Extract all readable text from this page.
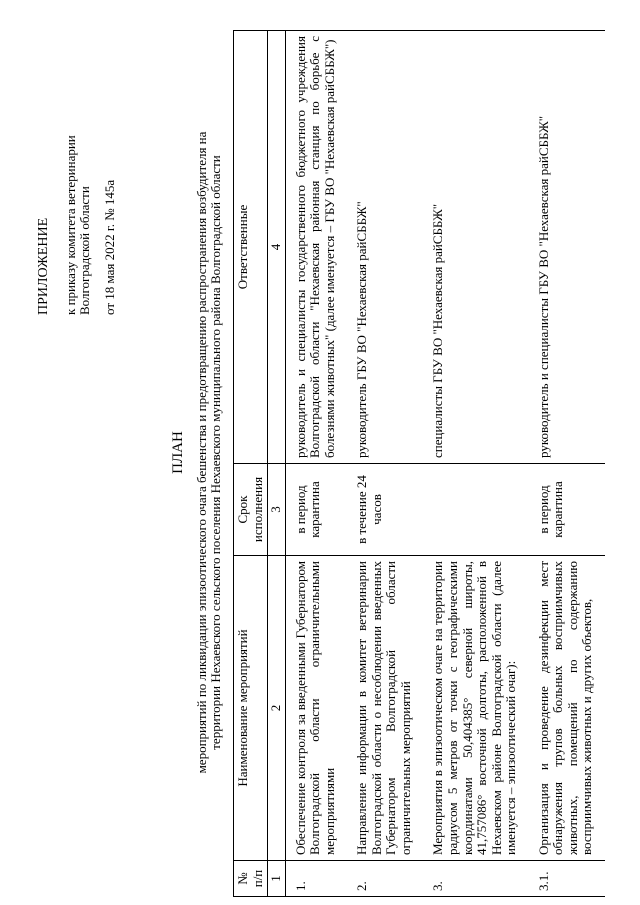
ПРИЛОЖЕНИЕ к приказу комитета ветеринарии Волгоградской области от 18 мая 2022 г. № 145а
ПЛАН мероприятий по ликвидации эпизоотического очага бешенства и предотвращению распространения возбудителя на территории Нехаевского сельского поселения Нехаевского муниципального района Волгоградской области
№ п/п	Наименование мероприятий	Срок исполнения	Ответственные
1	2	3	4
1.	Обеспечение контроля за введенными Губернатором Волгоградской области ограничительными мероприятиями	в период карантина	руководитель и специалисты государственного бюджетного учреждения Волгоградской области "Нехаевская районная станция по борьбе с болезнями животных" (далее именуется – ГБУ ВО "Нехаевская райСББЖ")
2.	Направление информации в комитет ветеринарии Волгоградской области о несоблюдении введенных Губернатором Волгоградской области ограничительных мероприятий	в течение 24 часов	руководитель ГБУ ВО "Нехаевская райСББЖ"
3.	Мероприятия в эпизоотическом очаге на территории радиусом 5 метров от точки с географическими координатами 50,404385° северной широты, 41,757086° восточной долготы, расположенной в Нехаевском районе Волгоградской области (далее именуется – эпизоотический очаг):		специалисты ГБУ ВО "Нехаевская райСББЖ"
3.1.	Организация и проведение дезинфекции мест обнаружения трупов больных восприимчивых животных, помещений по содержанию восприимчивых животных и других объектов,	в период карантина	руководитель и специалисты ГБУ ВО "Нехаевская райСББЖ"
